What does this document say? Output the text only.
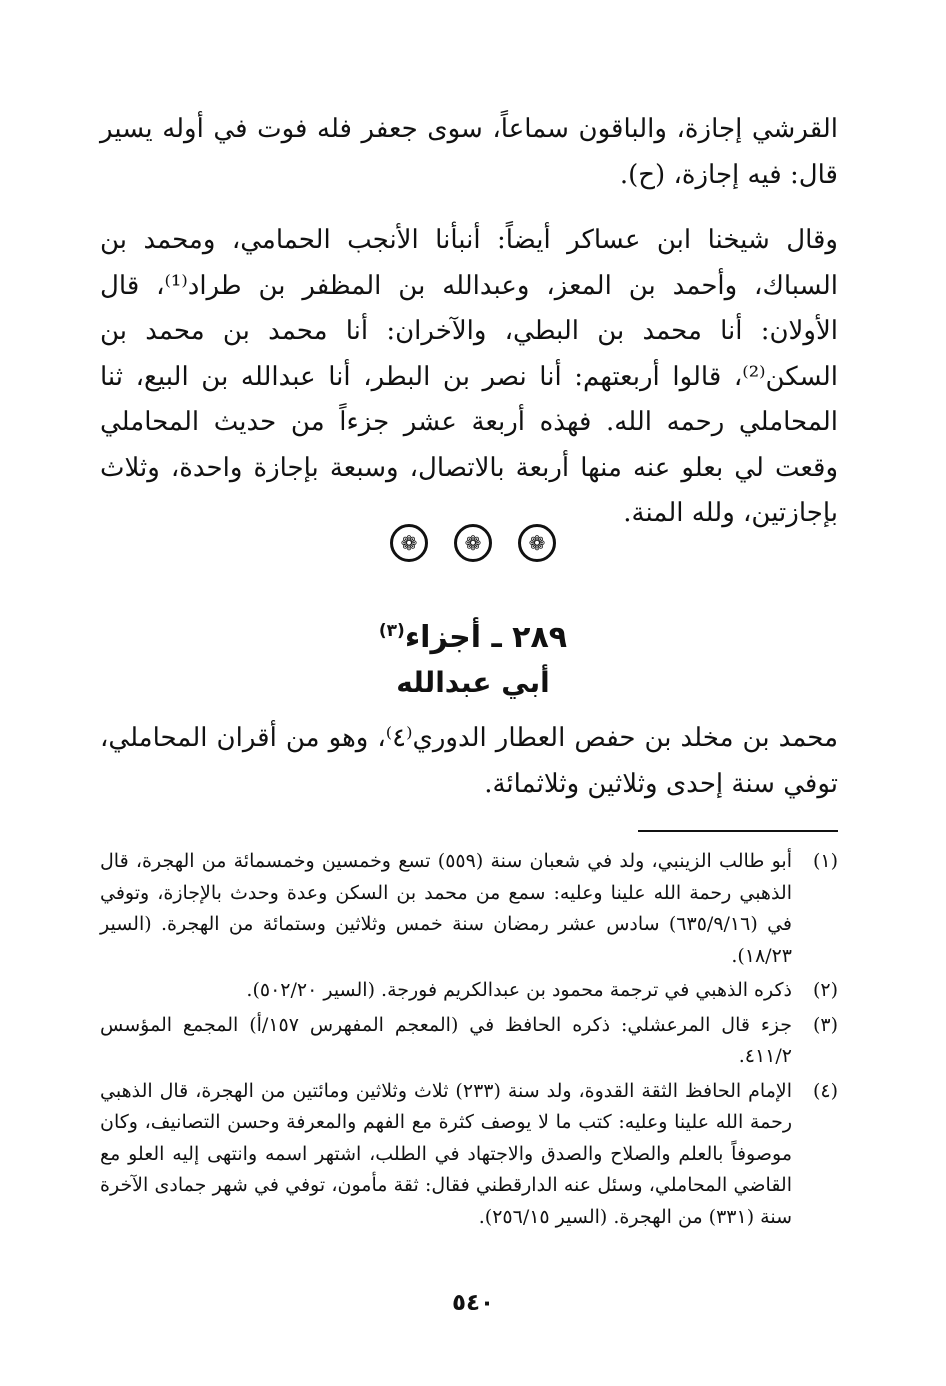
القرشي إجازة، والباقون سماعاً، سوى جعفر فله فوت في أوله يسير قال: فيه إجازة، (ح).

وقال شيخنا ابن عساكر أيضاً: أنبأنا الأنجب الحمامي، ومحمد بن السباك، وأحمد بن المعز، وعبدالله بن المظفر بن طراد⁽¹⁾، قال الأولان: أنا محمد بن البطي، والآخران: أنا محمد بن محمد بن السكن⁽²⁾، قالوا أربعتهم: أنا نصر بن البطر، أنا عبدالله بن البيع، ثنا المحاملي رحمه الله. فهذه أربعة عشر جزءاً من حديث المحاملي وقعت لي بعلو عنه منها أربعة بالاتصال، وسبعة بإجازة واحدة، وثلاث بإجازتين، ولله المنة.

❁	❁	❁
٢٨٩ ـ أجزاء$^{(٣)}$
أبي عبدالله

محمد بن مخلد بن حفص العطار الدوري⁽٤⁾، وهو من أقران المحاملي، توفي سنة إحدى وثلاثين وثلاثمائة.

(١)
أبو طالب الزينبي، ولد في شعبان سنة (٥٥٩) تسع وخمسين وخمسمائة من الهجرة، قال الذهبي رحمة الله علينا وعليه: سمع من محمد بن السكن وعدة وحدث بالإجازة، وتوفي في (٦٣٥/٩/١٦) سادس عشر رمضان سنة خمس وثلاثين وستمائة من الهجرة. (السير ١٨/٢٣).
(٢)
ذكره الذهبي في ترجمة محمود بن عبدالكريم فورجة. (السير ٥٠٢/٢٠).
(٣)
جزء قال المرعشلي: ذكره الحافظ في (المعجم المفهرس ١٥٧/أ) المجمع المؤسس ٤١١/٢.
(٤)
الإمام الحافظ الثقة القدوة، ولد سنة (٢٣٣) ثلاث وثلاثين ومائتين من الهجرة، قال الذهبي رحمة الله علينا وعليه: كتب ما لا يوصف كثرة مع الفهم والمعرفة وحسن التصانيف، وكان موصوفاً بالعلم والصلاح والصدق والاجتهاد في الطلب، اشتهر اسمه وانتهى إليه العلو مع القاضي المحاملي، وسئل عنه الدارقطني فقال: ثقة مأمون، توفي في شهر جمادى الآخرة سنة (٣٣١) من الهجرة. (السير ٢٥٦/١٥).
٥٤٠
